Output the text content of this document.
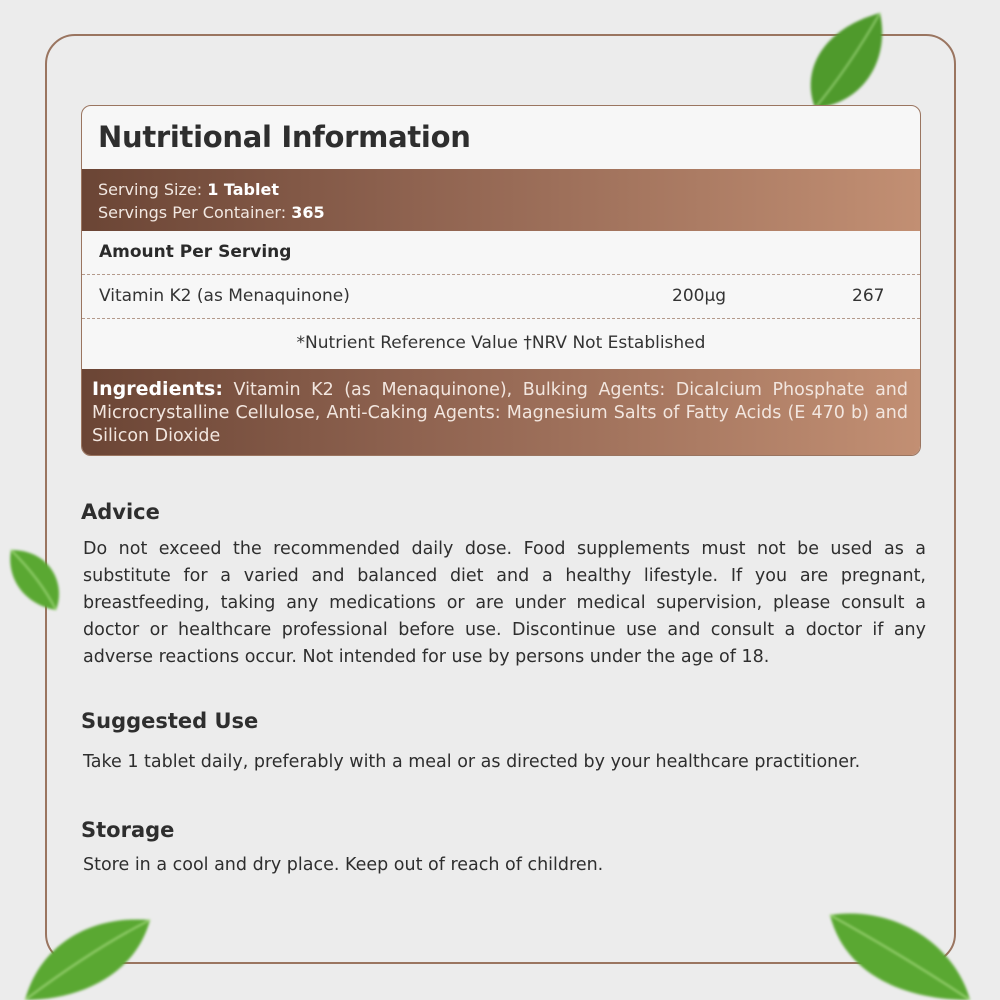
Nutritional Information
Serving Size: 1 Tablet
Servings Per Container: 365
Amount Per Serving
Vitamin K2 (as Menaquinone)	200µg	267
*Nutrient Reference Value †NRV Not Established
Ingredients: Vitamin K2 (as Menaquinone), Bulking Agents: Dicalcium Phosphate and Microcrystalline Cellulose, Anti-Caking Agents: Magnesium Salts of Fatty Acids (E 470 b) and Silicon Dioxide
Advice
Do not exceed the recommended daily dose. Food supplements must not be used as a substitute for a varied and balanced diet and a healthy lifestyle. If you are pregnant, breastfeeding, taking any medications or are under medical supervision, please consult a doctor or healthcare professional before use. Discontinue use and consult a doctor if any adverse reactions occur. Not intended for use by persons under the age of 18.
Suggested Use
Take 1 tablet daily, preferably with a meal or as directed by your healthcare practitioner.
Storage
Store in a cool and dry place. Keep out of reach of children.
